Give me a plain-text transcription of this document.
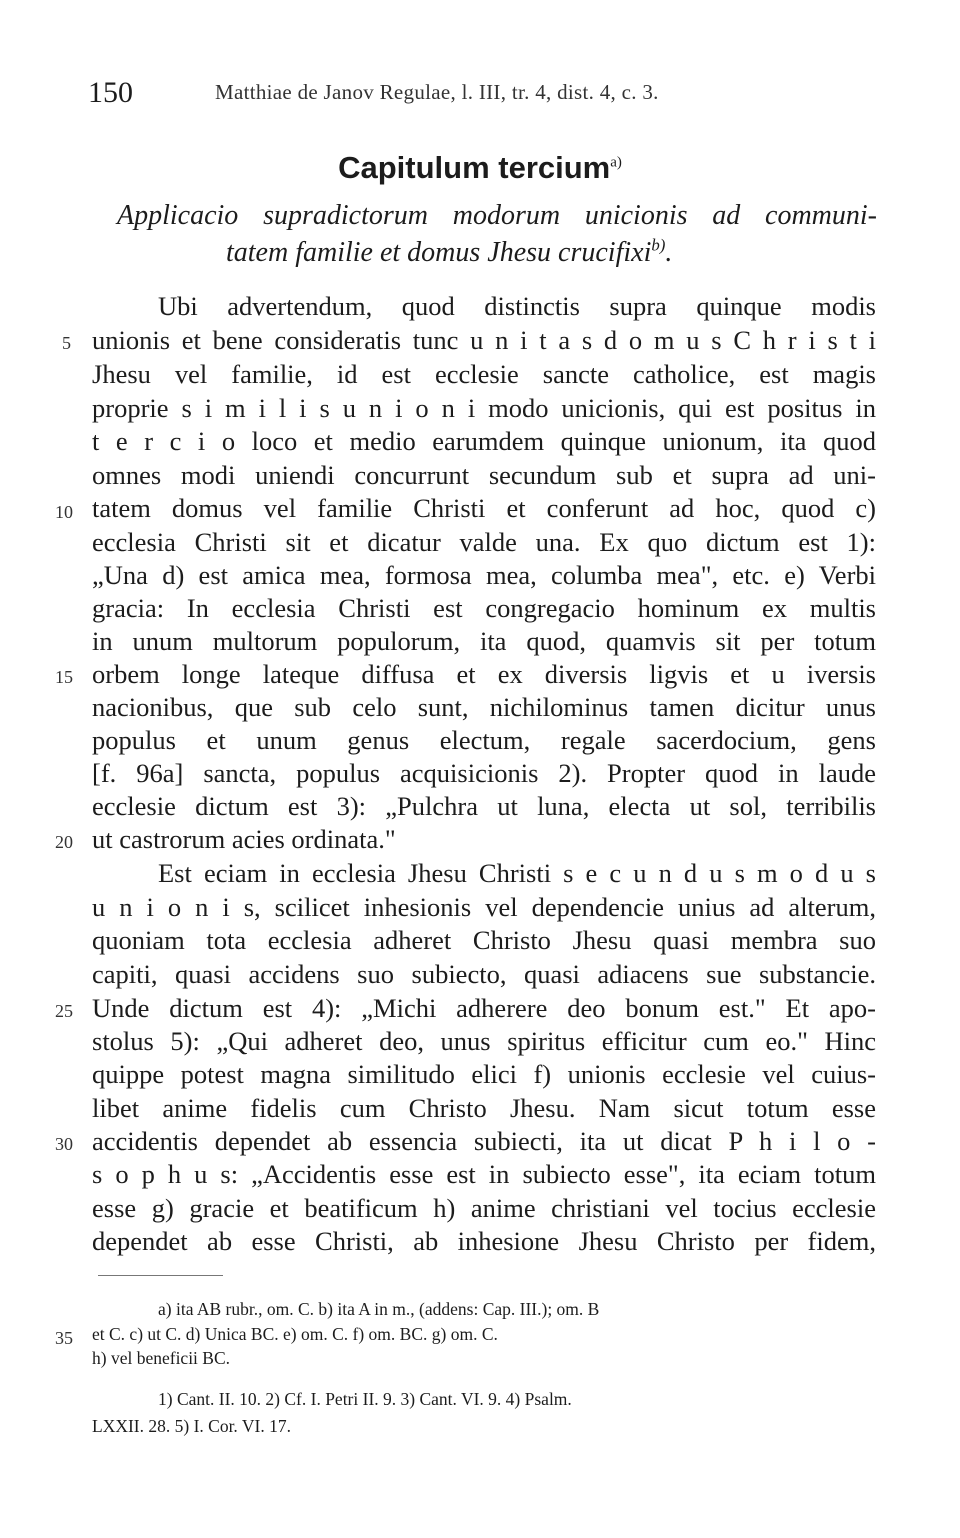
150	Matthiae de Janov Regulae, l. III, tr. 4, dist. 4, c. 3.
Capitulum tercium$^{a)}$
Applicacio supradictorum modorum unicionis ad communi-
tatem familie et domus Jhesu crucifixi$^{b)}$.
Ubi advertendum, quod distinctis supra quinque modis
unionis et bene consideratis tunc u n i t a s d o m u s C h r i s t i
Jhesu vel familie, id est ecclesie sancte catholice, est magis
proprie s i m i l i s u n i o n i modo unicionis, qui est positus in
t e r c i o loco et medio earumdem quinque unionum, ita quod
omnes modi uniendi concurrunt secundum sub et supra ad uni-
tatem domus vel familie Christi et conferunt ad hoc, quod c)
ecclesia Christi sit et dicatur valde una. Ex quo dictum est 1):
„Una d) est amica mea, formosa mea, columba mea", etc. e) Verbi
gracia: In ecclesia Christi est congregacio hominum ex multis
in unum multorum populorum, ita quod, quamvis sit per totum
orbem longe lateque diffusa et ex diversis ligvis et u iversis
nacionibus, que sub celo sunt, nichilominus tamen dicitur unus
populus et unum genus electum, regale sacerdocium, gens
[f. 96a] sancta, populus acquisicionis 2). Propter quod in laude
ecclesie dictum est 3): „Pulchra ut luna, electa ut sol, terribilis
ut castrorum acies ordinata."
Est eciam in ecclesia Jhesu Christi s e c u n d u s m o d u s
u n i o n i s, scilicet inhesionis vel dependencie unius ad alterum,
quoniam tota ecclesia adheret Christo Jhesu quasi membra suo
capiti, quasi accidens suo subiecto, quasi adiacens sue substancie.
Unde dictum est 4): „Michi adherere deo bonum est." Et apo-
stolus 5): „Qui adheret deo, unus spiritus efficitur cum eo." Hinc
quippe potest magna similitudo elici f) unionis ecclesie vel cuius-
libet anime fidelis cum Christo Jhesu. Nam sicut totum esse
accidentis dependet ab essencia subiecti, ita ut dicat P h i l o -
s o p h u s: „Accidentis esse est in subiecto esse", ita eciam totum
esse g) gracie et beatificum h) anime christiani vel tocius ecclesie
dependet ab esse Christi, ab inhesione Jhesu Christo per fidem,
5
10
15
20
25
30
35
a) ita AB rubr., om. C. b) ita A in m., (addens: Cap. III.); om. B
et C. c) ut C. d) Unica BC. e) om. C. f) om. BC. g) om. C.
h) vel beneficii BC.
1) Cant. II. 10. 2) Cf. I. Petri II. 9. 3) Cant. VI. 9. 4) Psalm.
LXXII. 28. 5) I. Cor. VI. 17.
